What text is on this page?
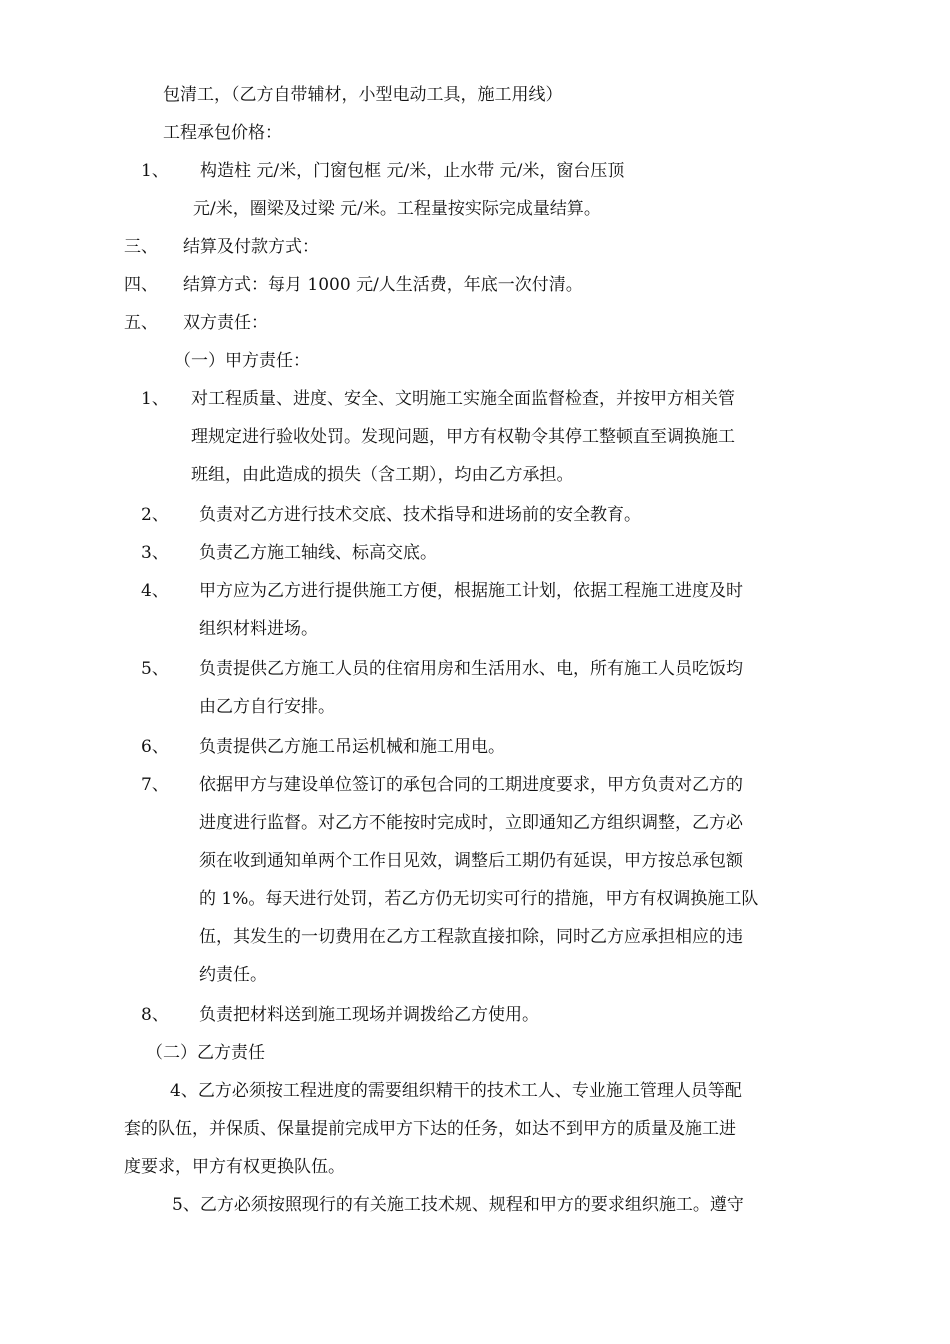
包清工，（乙方自带辅材，小型电动工具，施工用线）
工程承包价格：
1、 构造柱 元/米，门窗包框 元/米，止水带 元/米，窗台压顶
元/米，圈梁及过梁 元/米。工程量按实际完成量结算。
三、 结算及付款方式：
四、 结算方式：每月 1000 元/人生活费，年底一次付清。
五、 双方责任：
（一）甲方责任：
1、 对工程质量、进度、安全、文明施工实施全面监督检查，并按甲方相关管
理规定进行验收处罚。发现问题，甲方有权勒令其停工整顿直至调换施工
班组，由此造成的损失（含工期），均由乙方承担。
2、 负责对乙方进行技术交底、技术指导和进场前的安全教育。
3、 负责乙方施工轴线、标高交底。
4、 甲方应为乙方进行提供施工方便，根据施工计划，依据工程施工进度及时
组织材料进场。
5、 负责提供乙方施工人员的住宿用房和生活用水、电，所有施工人员吃饭均
由乙方自行安排。
6、 负责提供乙方施工吊运机械和施工用电。
7、 依据甲方与建设单位签订的承包合同的工期进度要求，甲方负责对乙方的
进度进行监督。对乙方不能按时完成时，立即通知乙方组织调整，乙方必
须在收到通知单两个工作日见效，调整后工期仍有延误，甲方按总承包额
的 1%。每天进行处罚，若乙方仍无切实可行的措施，甲方有权调换施工队
伍，其发生的一切费用在乙方工程款直接扣除，同时乙方应承担相应的违
约责任。
8、 负责把材料送到施工现场并调拨给乙方使用。
（二）乙方责任
4、乙方必须按工程进度的需要组织精干的技术工人、专业施工管理人员等配
套的队伍，并保质、保量提前完成甲方下达的任务，如达不到甲方的质量及施工进
度要求，甲方有权更换队伍。
5、乙方必须按照现行的有关施工技术规、规程和甲方的要求组织施工。遵守
